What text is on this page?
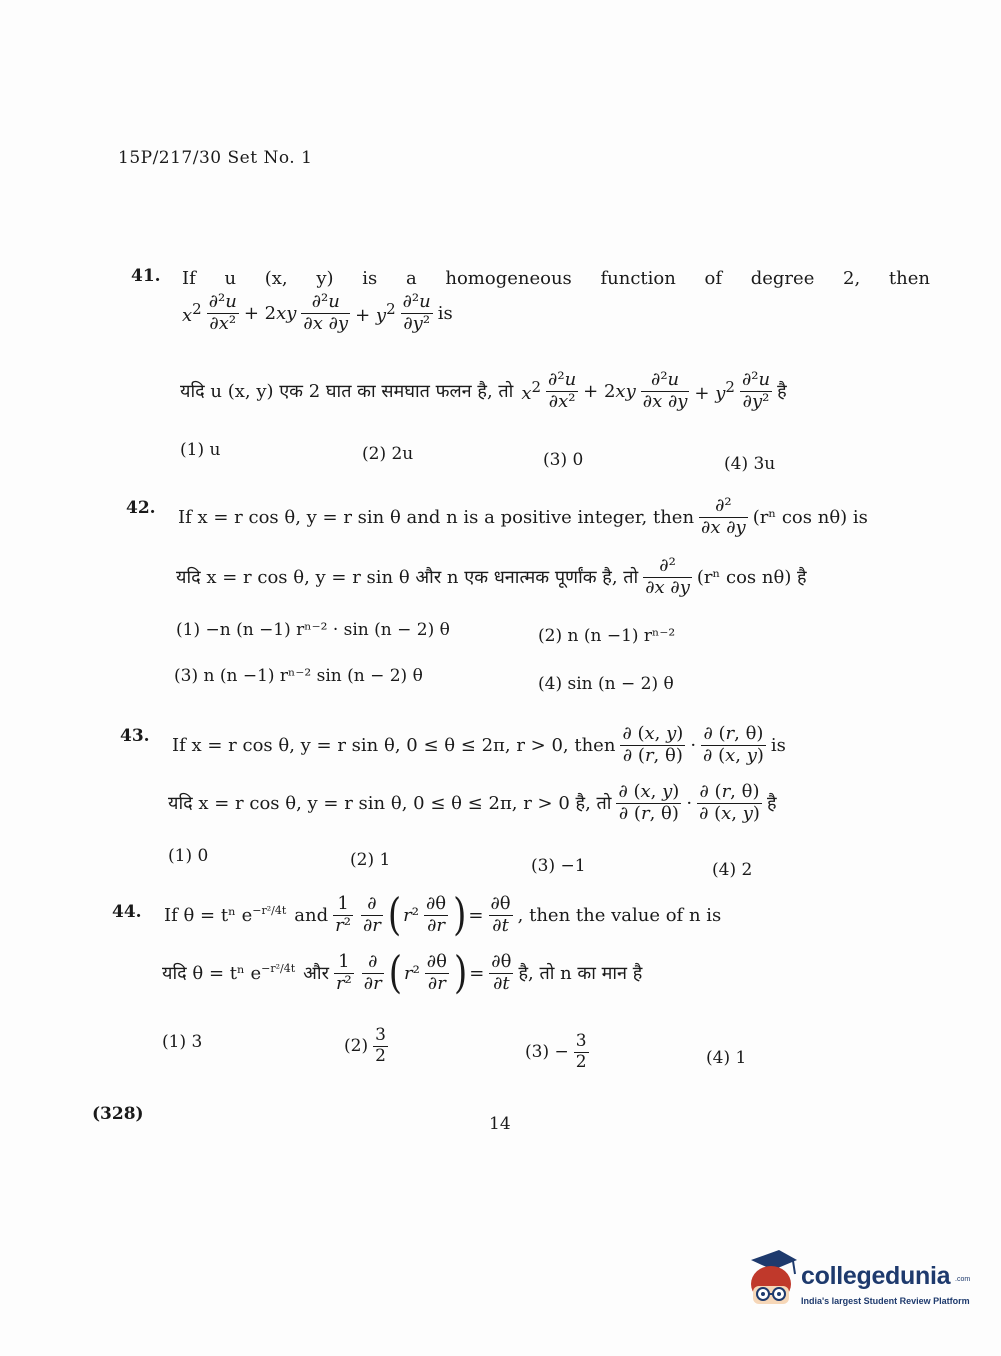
15P/217/30 Set No. 1
41. If u (x, y) is a homogeneous function of degree 2, then
$x^2 \frac{\text{∂²u}}{\text{∂x²}} + 2xy \frac{\text{∂²u}}{\partial x \partial y} + y^2 \frac{\text{∂²u}}{\text{∂y²}}$ is
यदि u (x, y) एक 2 घात का समघात फलन है, तो $x^2 \frac{\text{∂²u}}{\text{∂x²}} + 2xy \frac{\text{∂²u}}{\partial x \partial y} + y^2 \frac{\text{∂²u}}{\text{∂y²}}$ है
(1) u	(2) 2u	(3) 0	(4) 3u
42. If x = r cos θ, y = r sin θ and n is a positive integer, then $\frac{\text{∂²}}{\partial x \partial y} (r^n$ cos nθ) is
यदि x = r cos θ, y = r sin θ और n एक धनात्मक पूर्णांक है, तो $\frac{\text{∂²}}{\partial x \partial y} (r^n$ cos nθ) है
(1) −n (n −1) rⁿ⁻² · sin (n − 2) θ	(2) n (n −1) rⁿ⁻²
(3) n (n −1) rⁿ⁻² sin (n − 2) θ	(4) sin (n − 2) θ
43. If x = r cos θ, y = r sin θ, 0 ≤ θ ≤ 2π, r > 0, then $\frac{\partial (x, y)}{\partial (r, \theta)} \cdot \frac{\partial (r, \theta)}{\partial (x, y)}$ is
यदि x = r cos θ, y = r sin θ, 0 ≤ θ ≤ 2π, r > 0 है, तो $\frac{\partial (x, y)}{\partial (r, \theta)} \cdot \frac{\partial (r, \theta)}{\partial (x, y)}$ है
(1) 0	(2) 1	(3) −1	(4) 2
44. If θ = tⁿ $e^{-r^2/4t}$ and $\frac{1}{\text{r²}} \frac{\partial}{\partial r}$ ( $r^2 \frac{\partial\theta}{\partial r}$ ) = $\frac{\partial\theta}{\partial t}$ , then the value of n is
यदि θ = tⁿ $e^{-r^2/4t}$ और $\frac{1}{\text{r²}} \frac{\partial}{\partial r}$ ( $r^2 \frac{\partial\theta}{\partial r}$ ) = $\frac{\partial\theta}{\partial t}$ है, तो n का मान है
(1) 3	$(2) \frac{3}{2}$	$(3) - \frac{3}{2}$	(4) 1
(328)	14
collegedunia .com
India's largest Student Review Platform
